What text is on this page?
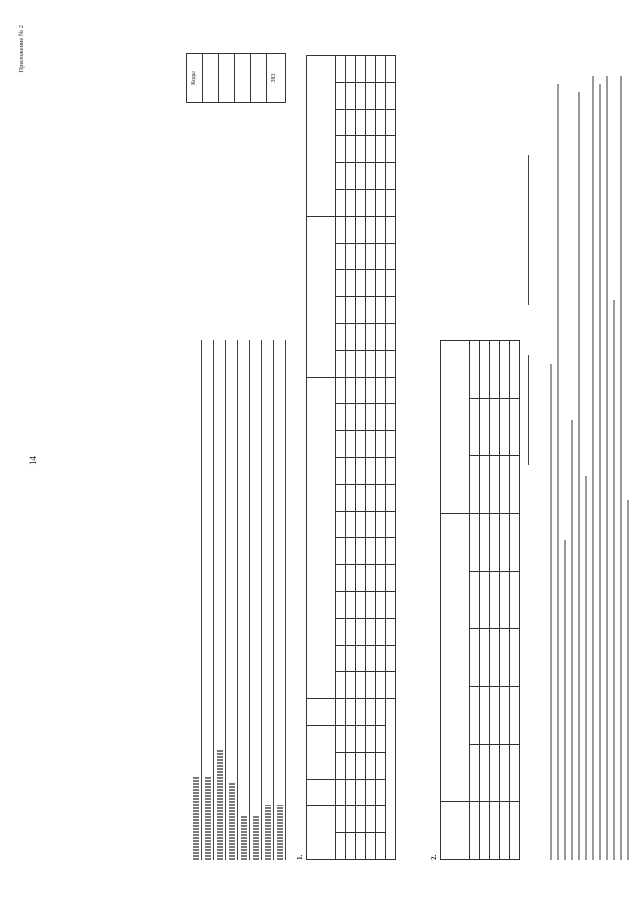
14
Приложение № 2
Коды	383
1.

																									2.
